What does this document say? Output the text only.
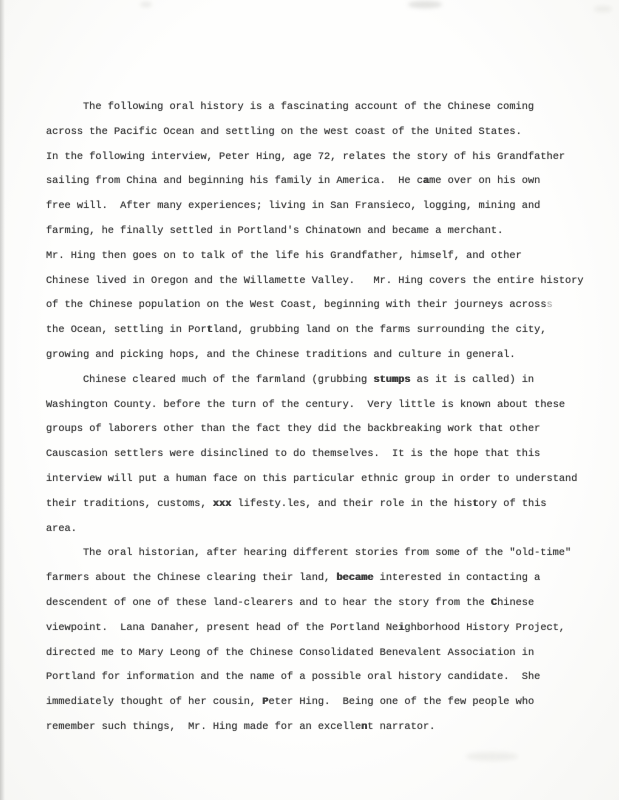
The following oral history is a fascinating account of the Chinese coming
across the Pacific Ocean and settling on the west coast of the United States.
In the following interview, Peter Hing, age 72, relates the story of his Grandfather
sailing from China and beginning his family in America.  He came over on his own
free will.  After many experiences; living in San Fransieco, logging, mining and
farming, he finally settled in Portland's Chinatown and became a merchant.
Mr. Hing then goes on to talk of the life his Grandfather, himself, and other
Chinese lived in Oregon and the Willamette Valley.   Mr. Hing covers the entire history
of the Chinese population on the West Coast, beginning with their journeys acrosss
the Ocean, settling in Portland, grubbing land on the farms surrounding the city,
growing and picking hops, and the Chinese traditions and culture in general.
Chinese cleared much of the farmland (grubbing stumps as it is called) in
Washington County. before the turn of the century.  Very little is known about these
groups of laborers other than the fact they did the backbreaking work that other
Causcasion settlers were disinclined to do themselves.  It is the hope that this
interview will put a human face on this particular ethnic group in order to understand
their traditions, customs, xxx lifesty.les, and their role in the history of this
area.
The oral historian, after hearing different stories from some of the "old-time"
farmers about the Chinese clearing their land, became interested in contacting a
descendent of one of these land-clearers and to hear the story from the Chinese
viewpoint.  Lana Danaher, present head of the Portland Neighborhood History Project,
directed me to Mary Leong of the Chinese Consolidated Benevalent Association in
Portland for information and the name of a possible oral history candidate.  She
immediately thought of her cousin, Peter Hing.  Being one of the few people who
remember such things,  Mr. Hing made for an excellent narrator.
